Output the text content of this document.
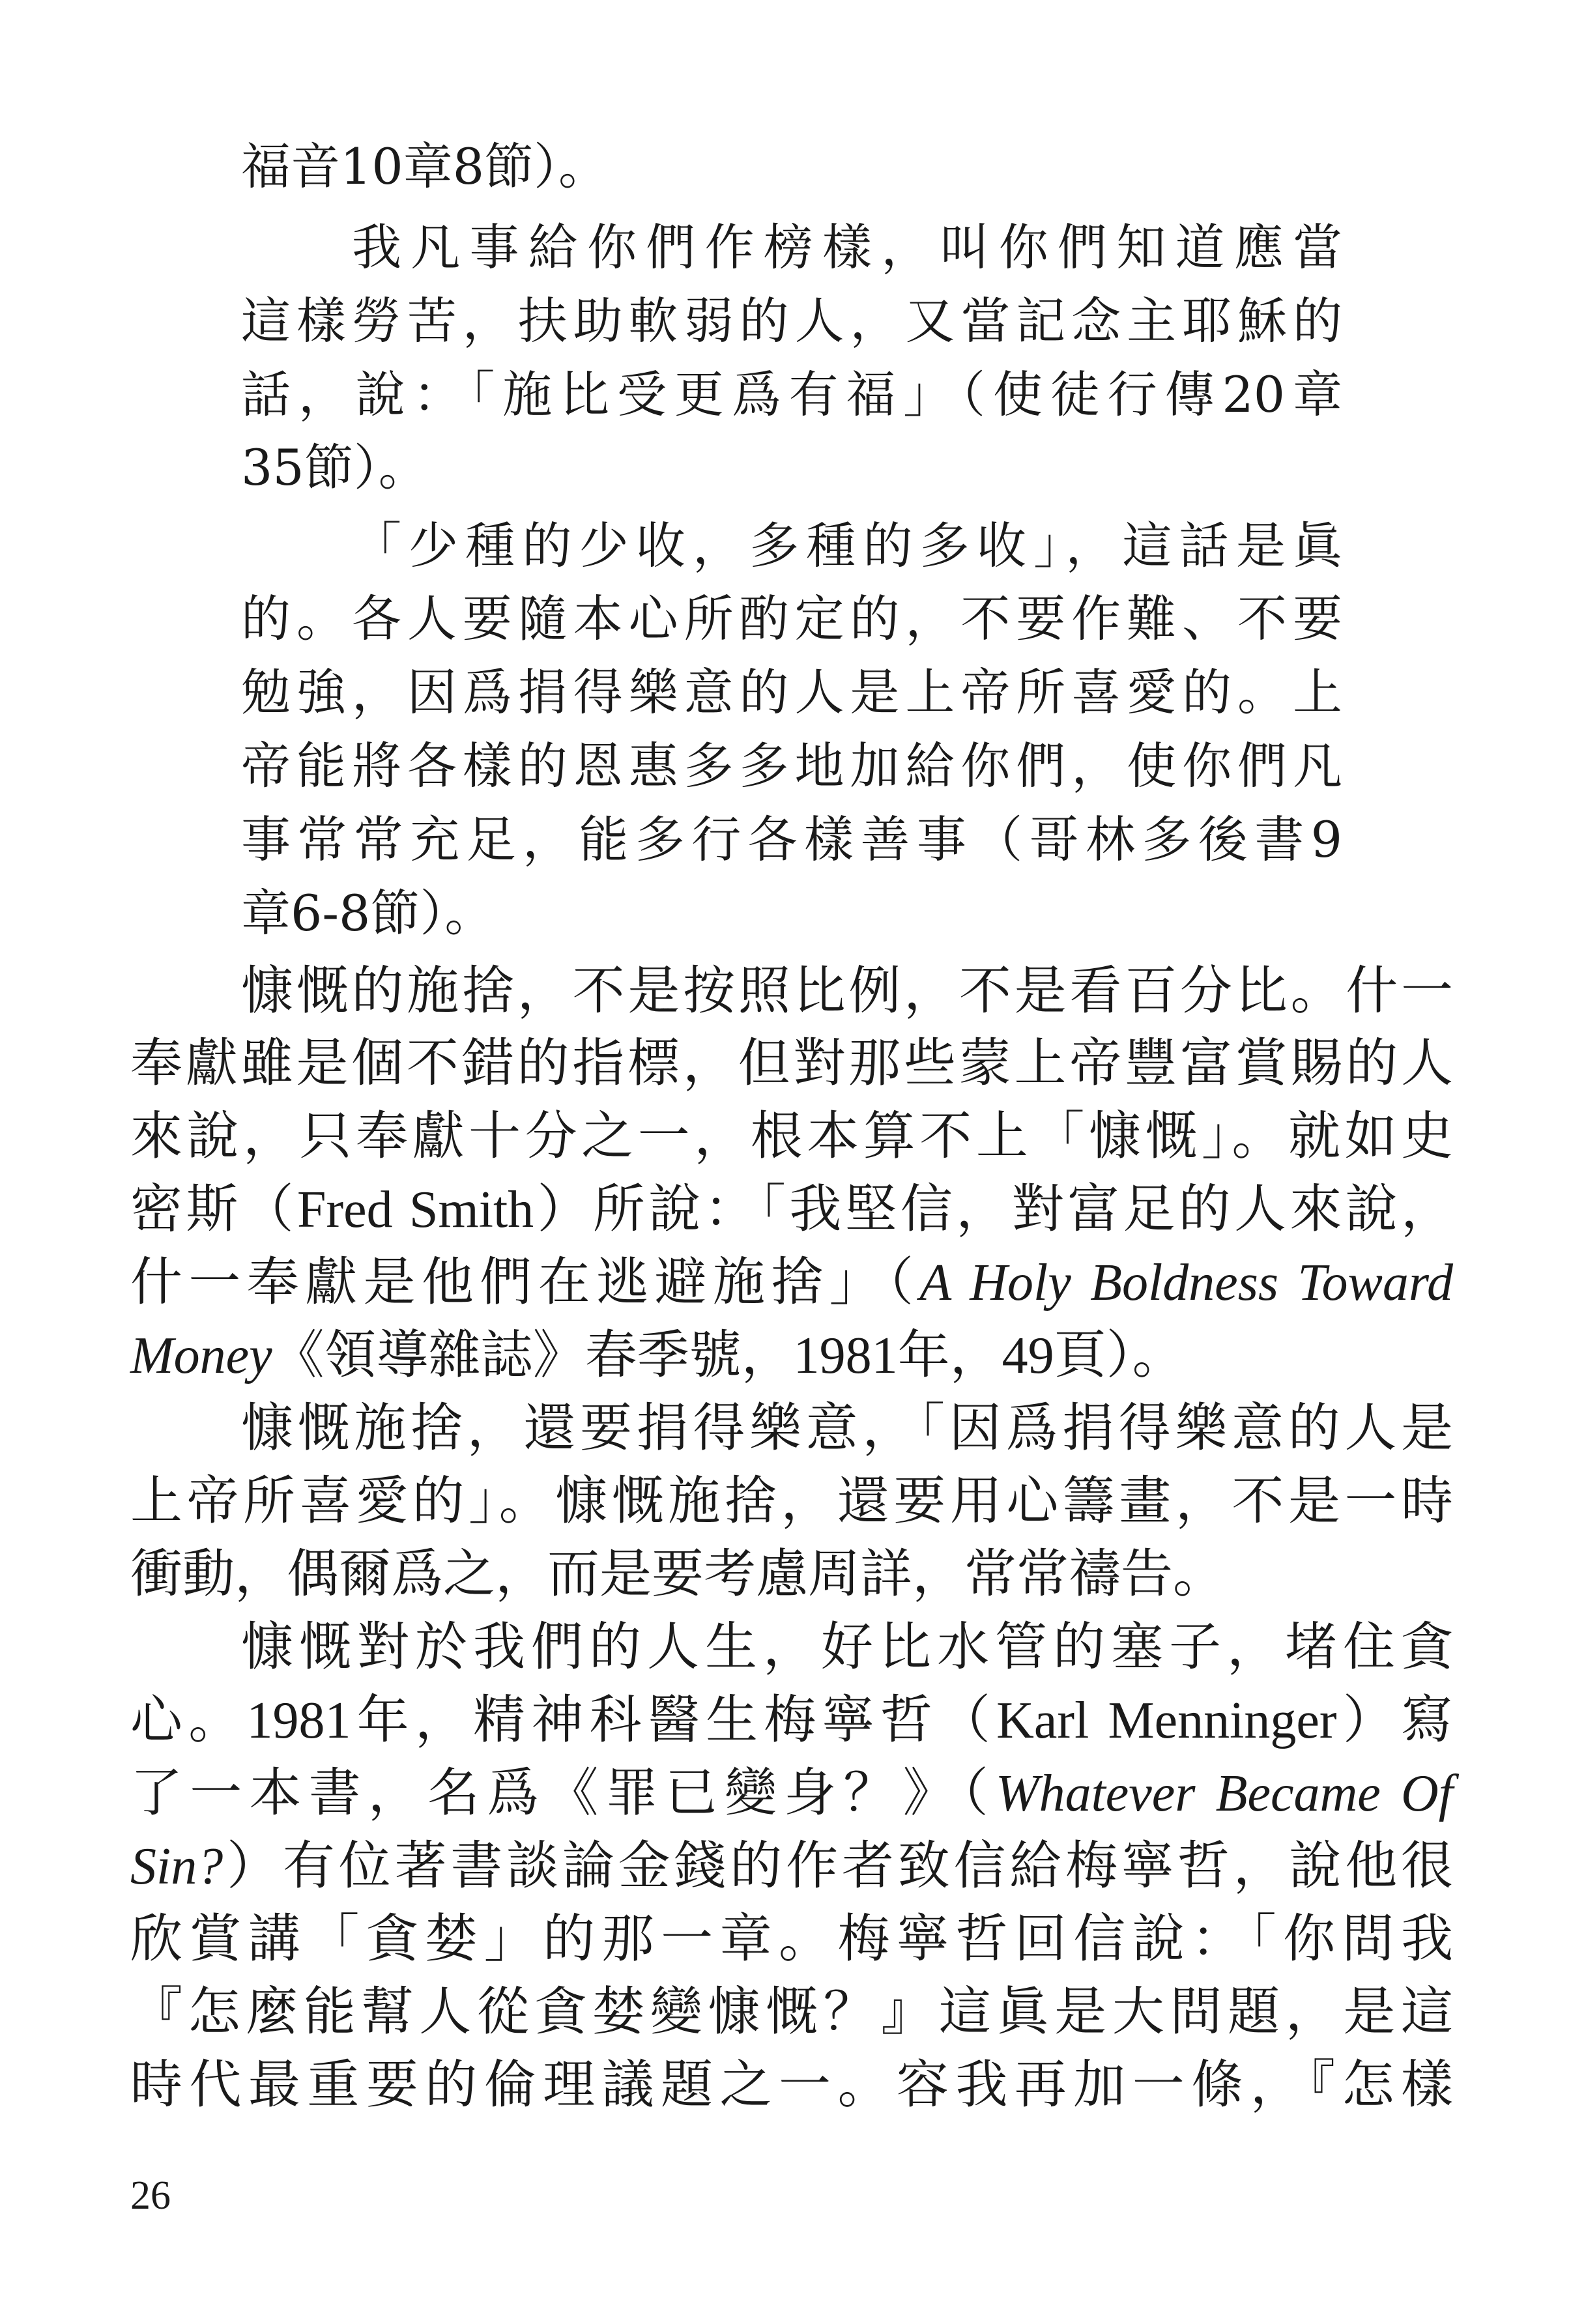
福音10章8節）。
我凡事給你們作榜樣，叫你們知道應當
這樣勞苦，扶助軟弱的人，又當記念主耶穌的
話，說：「施比受更爲有福」（使徒行傳20章
35節）。
「少種的少收，多種的多收」，這話是眞
的。各人要隨本心所酌定的，不要作難、不要
勉強，因爲捐得樂意的人是上帝所喜愛的。上
帝能將各樣的恩惠多多地加給你們，使你們凡
事常常充足，能多行各樣善事（哥林多後書9
章6-8節）。
慷慨的施捨，不是按照比例，不是看百分比。什一
奉獻雖是個不錯的指標，但對那些蒙上帝豐富賞賜的人
來說，只奉獻十分之一，根本算不上「慷慨」。就如史
密斯（Fred Smith）所說：「我堅信，對富足的人來說，
什一奉獻是他們在逃避施捨」（A Holy Boldness Toward
Money《領導雜誌》春季號，1981年，49頁）。
慷慨施捨，還要捐得樂意，「因爲捐得樂意的人是
上帝所喜愛的」。慷慨施捨，還要用心籌畫，不是一時
衝動，偶爾爲之，而是要考慮周詳，常常禱告。
慷慨對於我們的人生，好比水管的塞子，堵住貪
心。1981年，精神科醫生梅寧哲（Karl Menninger）寫
了一本書，名爲《罪已變身？》（Whatever Became Of
Sin?）有位著書談論金錢的作者致信給梅寧哲，說他很
欣賞講「貪婪」的那一章。梅寧哲回信說：「你問我
『怎麼能幫人從貪婪變慷慨？』這眞是大問題，是這
時代最重要的倫理議題之一。容我再加一條，『怎樣
26
